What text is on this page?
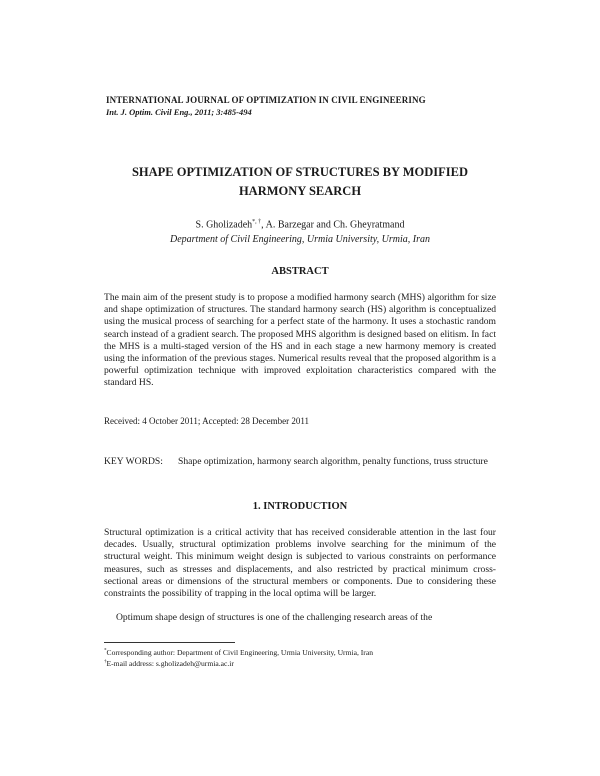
INTERNATIONAL JOURNAL OF OPTIMIZATION IN CIVIL ENGINEERING
Int. J. Optim. Civil Eng., 2011; 3:485-494
SHAPE OPTIMIZATION OF STRUCTURES BY MODIFIED
HARMONY SEARCH
S. Gholizadeh*, †, A. Barzegar and Ch. Gheyratmand
Department of Civil Engineering, Urmia University, Urmia, Iran
ABSTRACT
The main aim of the present study is to propose a modified harmony search (MHS) algorithm for size and shape optimization of structures. The standard harmony search (HS) algorithm is conceptualized using the musical process of searching for a perfect state of the harmony. It uses a stochastic random search instead of a gradient search. The proposed MHS algorithm is designed based on elitism. In fact the MHS is a multi-staged version of the HS and in each stage a new harmony memory is created using the information of the previous stages. Numerical results reveal that the proposed algorithm is a powerful optimization technique with improved exploitation characteristics compared with the standard HS.
Received: 4 October 2011; Accepted: 28 December 2011
KEY WORDS: Shape optimization, harmony search algorithm, penalty functions, truss structure
1. INTRODUCTION
Structural optimization is a critical activity that has received considerable attention in the last four decades. Usually, structural optimization problems involve searching for the minimum of the structural weight. This minimum weight design is subjected to various constraints on performance measures, such as stresses and displacements, and also restricted by practical minimum cross-sectional areas or dimensions of the structural members or components. Due to considering these constraints the possibility of trapping in the local optima will be larger.
Optimum shape design of structures is one of the challenging research areas of the
*Corresponding author: Department of Civil Engineering, Urmia University, Urmia, Iran
†E-mail address: s.gholizadeh@urmia.ac.ir
